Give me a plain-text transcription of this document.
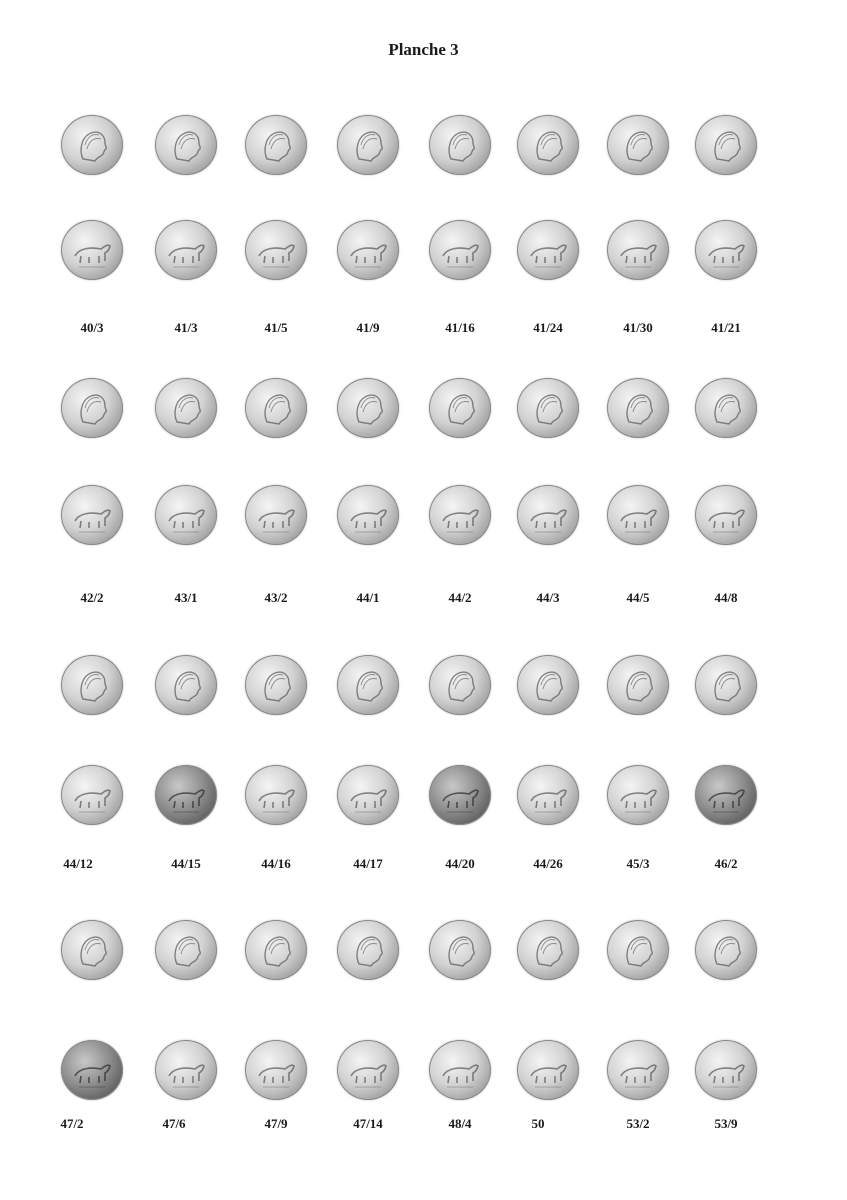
Planche 3
40/3	41/3	41/5	41/9	41/16	41/24	41/30	41/21
42/2	43/1	43/2	44/1	44/2	44/3	44/5	44/8
44/12	44/15	44/16	44/17	44/20	44/26	45/3	46/2
47/2	47/6	47/9	47/14	48/4	50	53/2	53/9
